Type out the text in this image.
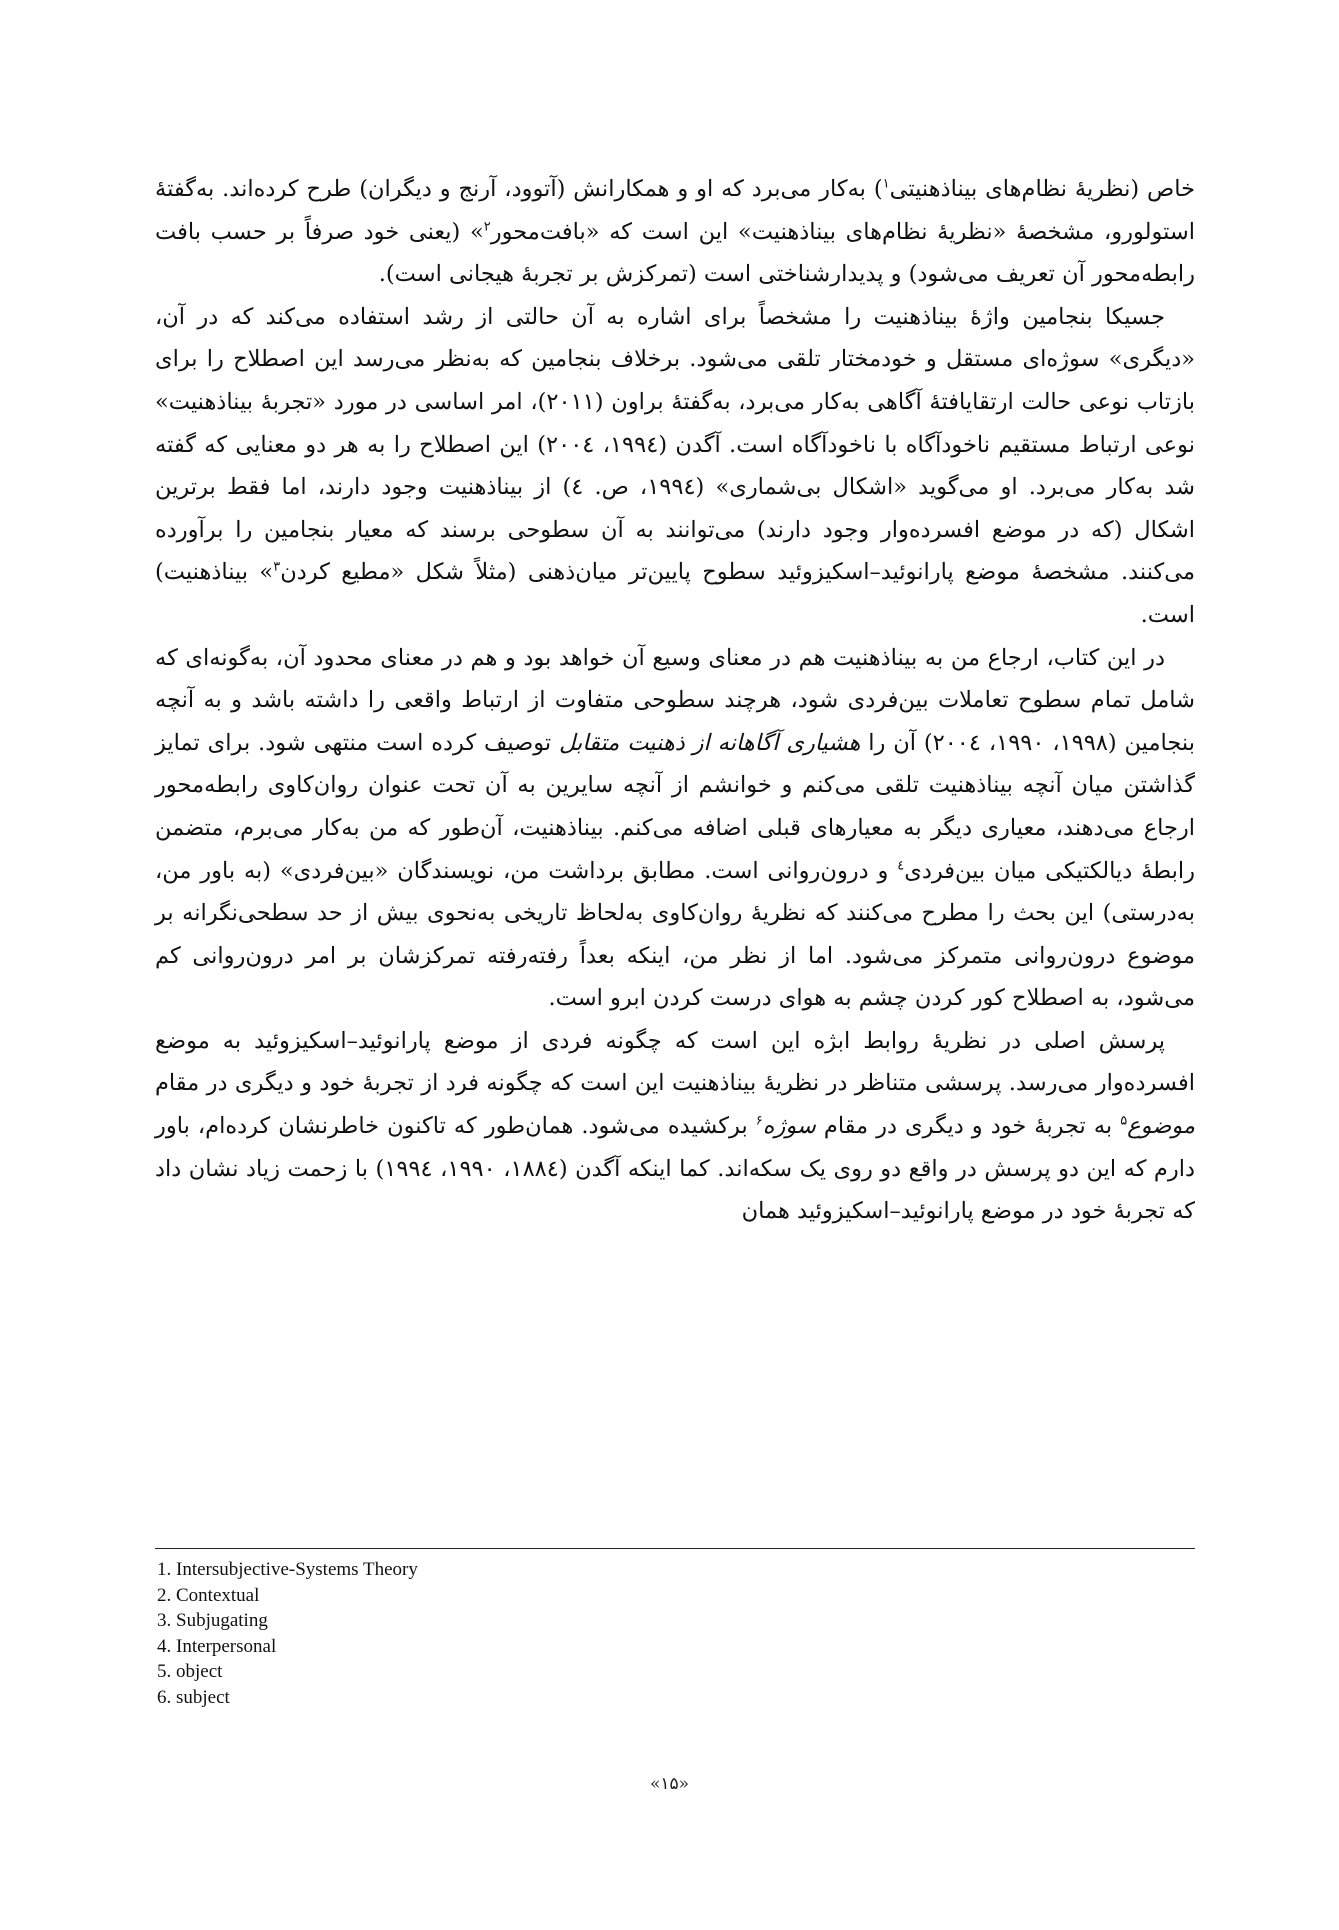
خاص (نظریهٔ نظام‌های بیناذهنیتی$^۱$) به‌کار می‌برد که او و همکارانش (آتوود، آرنج و دیگران) طرح کرده‌اند. به‌گفتهٔ استولورو، مشخصهٔ «نظریهٔ نظام‌های بیناذهنیت» این است که «بافت‌محور$^۲$» (یعنی خود صرفاً بر حسب بافت رابطه‌محور آن تعریف می‌شود) و پدیدارشناختی است (تمرکزش بر تجربهٔ هیجانی است).

جسیکا بنجامین واژهٔ بیناذهنیت را مشخصاً برای اشاره به آن حالتی از رشد استفاده می‌کند که در آن، «دیگری» سوژه‌ای مستقل و خودمختار تلقی می‌شود. برخلاف بنجامین که به‌نظر می‌رسد این اصطلاح را برای بازتاب نوعی حالت ارتقایافتهٔ آگاهی به‌کار می‌برد، به‌گفتهٔ براون (۲۰۱۱)، امر اساسی در مورد «تجربهٔ بیناذهنیت» نوعی ارتباط مستقیم ناخودآگاه با ناخودآگاه است. آگدن (۱۹۹٤، ۲۰۰٤) این اصطلاح را به هر دو معنایی که گفته شد به‌کار می‌برد. او می‌گوید «اشکال بی‌شماری» (۱۹۹٤، ص. ٤) از بیناذهنیت وجود دارند، اما فقط برترین اشکال (که در موضع افسرده‌وار وجود دارند) می‌توانند به آن سطوحی برسند که معیار بنجامین را برآورده می‌کنند. مشخصهٔ موضع پارانوئید–اسکیزوئید سطوح پایین‌تر میان‌ذهنی (مثلاً شکل «مطیع کردن$^۳$» بیناذهنیت) است.

در این کتاب، ارجاع من به بیناذهنیت هم در معنای وسیع آن خواهد بود و هم در معنای محدود آن، به‌گونه‌ای که شامل تمام سطوح تعاملات بین‌فردی شود، هرچند سطوحی متفاوت از ارتباط واقعی را داشته باشد و به آنچه بنجامین (۱۹۹۸، ۱۹۹۰، ۲۰۰٤) آن را هشیاری آگاهانه از ذهنیت متقابل توصیف کرده است منتهی شود. برای تمایز گذاشتن میان آنچه بیناذهنیت تلقی می‌کنم و خوانشم از آنچه سایرین به آن تحت عنوان روان‌کاوی رابطه‌محور ارجاع می‌دهند، معیاری دیگر به معیارهای قبلی اضافه می‌کنم. بیناذهنیت، آن‌طور که من به‌کار می‌برم، متضمن رابطهٔ دیالکتیکی میان بین‌فردی$^٤$ و درون‌روانی است. مطابق برداشت من، نویسندگان «بین‌فردی» (به باور من، به‌درستی) این بحث را مطرح می‌کنند که نظریهٔ روان‌کاوی به‌لحاظ تاریخی به‌نحوی بیش از حد سطحی‌نگرانه بر موضوع درون‌روانی متمرکز می‌شود. اما از نظر من، اینکه بعداً رفته‌رفته تمرکزشان بر امر درون‌روانی کم می‌شود، به اصطلاح کور کردن چشم به هوای درست کردن ابرو است.

پرسش اصلی در نظریهٔ روابط ابژه این است که چگونه فردی از موضع پارانوئید–اسکیزوئید به موضع افسرده‌وار می‌رسد. پرسشی متناظر در نظریهٔ بیناذهنیت این است که چگونه فرد از تجربهٔ خود و دیگری در مقام موضوع$^۵$ به تجربهٔ خود و دیگری در مقام سوژه$^۶$ برکشیده می‌شود. همان‌طور که تاکنون خاطرنشان کرده‌ام، باور دارم که این دو پرسش در واقع دو روی یک سکه‌اند. کما اینکه آگدن (۱۸۸٤، ۱۹۹۰، ۱۹۹٤) با زحمت زیاد نشان داد که تجربهٔ خود در موضع پارانوئید–اسکیزوئید همان

1. Intersubjective-Systems Theory
2. Contextual
3. Subjugating
4. Interpersonal
5. object
6. subject
«۱۵»
